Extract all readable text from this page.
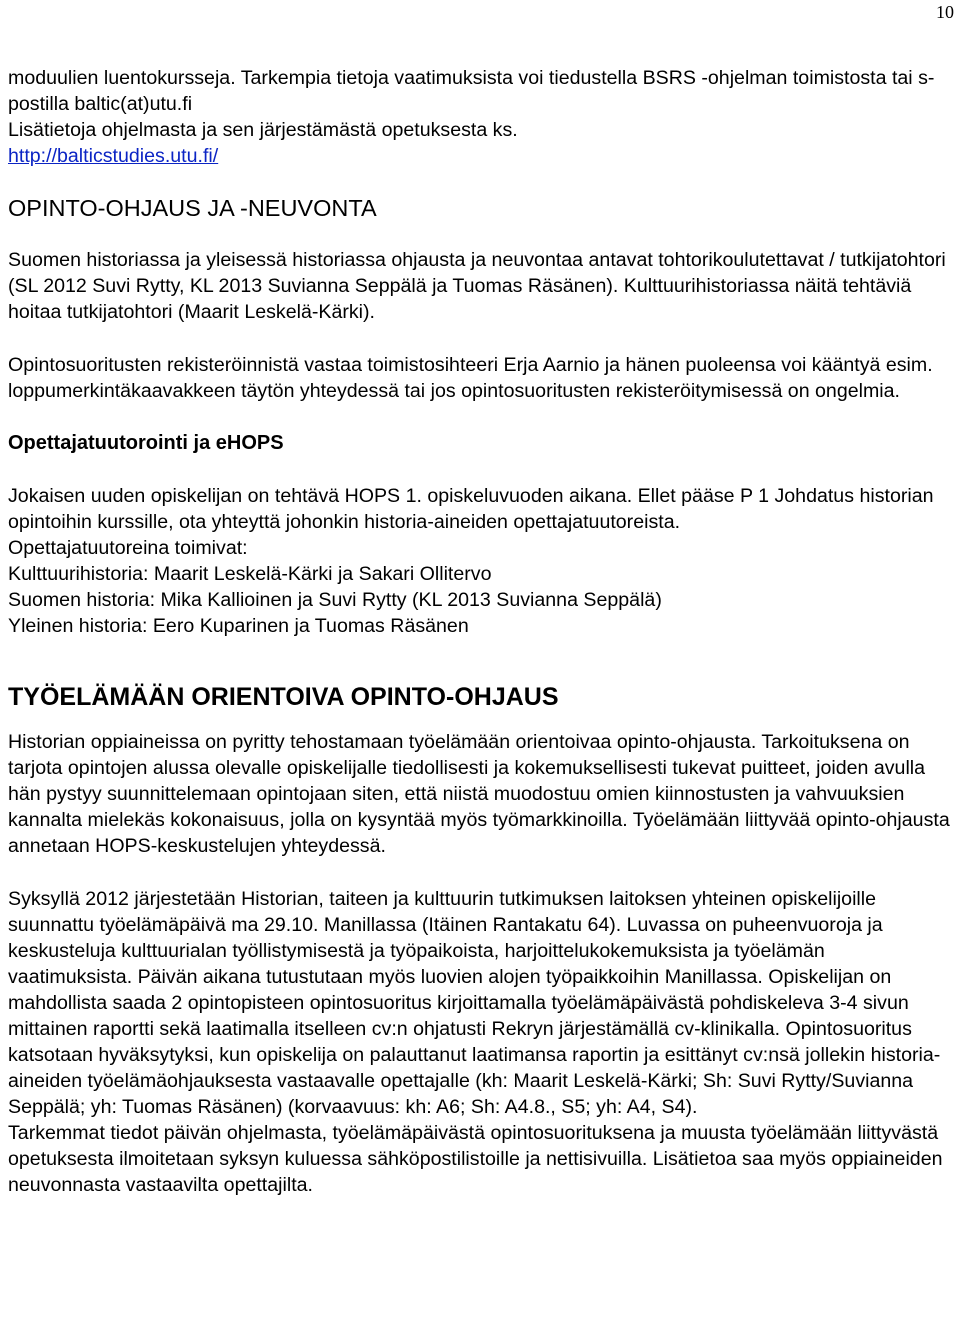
10

moduulien luentokursseja. Tarkempia tietoja vaatimuksista voi tiedustella BSRS -ohjelman toimistosta tai s-postilla baltic(at)utu.fi

Lisätietoja ohjelmasta ja sen järjestämästä opetuksesta ks.

http://balticstudies.utu.fi/

OPINTO-OHJAUS JA -NEUVONTA

Suomen historiassa ja yleisessä historiassa ohjausta ja neuvontaa antavat tohtorikoulutettavat / tutkijatohtori (SL 2012 Suvi Rytty, KL 2013 Suvianna Seppälä ja Tuomas Räsänen). Kulttuurihistoriassa näitä tehtäviä hoitaa tutkijatohtori (Maarit Leskelä-Kärki).

Opintosuoritusten rekisteröinnistä vastaa toimistosihteeri Erja Aarnio ja hänen puoleensa voi kääntyä esim. loppumerkintäkaavakkeen täytön yhteydessä tai jos opintosuoritusten rekisteröitymisessä on ongelmia.

Opettajatuutorointi ja eHOPS

Jokaisen uuden opiskelijan on tehtävä HOPS 1. opiskeluvuoden aikana. Ellet pääse P 1 Johdatus historian opintoihin kurssille, ota yhteyttä johonkin historia-aineiden opettajatuutoreista.

Opettajatuutoreina toimivat:

Kulttuurihistoria: Maarit Leskelä-Kärki ja Sakari Ollitervo

Suomen historia: Mika Kallioinen ja Suvi Rytty (KL 2013 Suvianna Seppälä)

Yleinen historia: Eero Kuparinen ja Tuomas Räsänen

TYÖELÄMÄÄN ORIENTOIVA OPINTO-OHJAUS

Historian oppiaineissa on pyritty tehostamaan työelämään orientoivaa opinto-ohjausta. Tarkoituksena on tarjota opintojen alussa olevalle opiskelijalle tiedollisesti ja kokemuksellisesti tukevat puitteet, joiden avulla hän pystyy suunnittelemaan opintojaan siten, että niistä muodostuu omien kiinnostusten ja vahvuuksien kannalta mielekäs kokonaisuus, jolla on kysyntää myös työmarkkinoilla. Työelämään liittyvää opinto-ohjausta annetaan HOPS-keskustelujen yhteydessä.

Syksyllä 2012 järjestetään Historian, taiteen ja kulttuurin tutkimuksen laitoksen yhteinen opiskelijoille suunnattu työelämäpäivä ma 29.10. Manillassa (Itäinen Rantakatu 64). Luvassa on puheenvuoroja ja keskusteluja kulttuurialan työllistymisestä ja työpaikoista, harjoittelukokemuksista ja työelämän vaatimuksista. Päivän aikana tutustutaan myös luovien alojen työpaikkoihin Manillassa. Opiskelijan on mahdollista saada 2 opintopisteen opintosuoritus kirjoittamalla työelämäpäivästä pohdiskeleva 3-4 sivun mittainen raportti sekä laatimalla itselleen cv:n ohjatusti Rekryn järjestämällä cv-klinikalla. Opintosuoritus katsotaan hyväksytyksi, kun opiskelija on palauttanut laatimansa raportin ja esittänyt cv:nsä jollekin historia-aineiden työelämäohjauksesta vastaavalle opettajalle (kh: Maarit Leskelä-Kärki; Sh: Suvi Rytty/Suvianna Seppälä; yh: Tuomas Räsänen) (korvaavuus: kh: A6; Sh: A4.8., S5; yh: A4, S4).

Tarkemmat tiedot päivän ohjelmasta, työelämäpäivästä opintosuorituksena ja muusta työelämään liittyvästä opetuksesta ilmoitetaan syksyn kuluessa sähköpostilistoille ja nettisivuilla. Lisätietoa saa myös oppiaineiden neuvonnasta vastaavilta opettajilta.
